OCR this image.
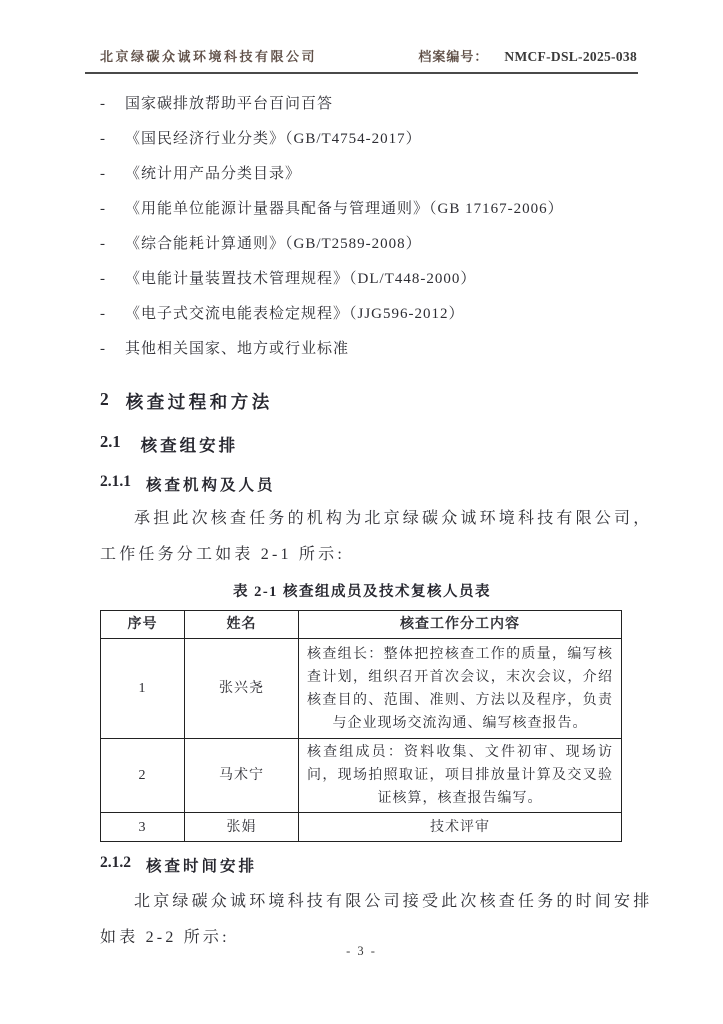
北京绿碳众诚环境科技有限公司	档案编号： NMCF-DSL-2025-038
-	国家碳排放帮助平台百问百答
-	《国民经济行业分类》（GB/T4754-2017）
-	《统计用产品分类目录》
-	《用能单位能源计量器具配备与管理通则》（GB 17167-2006）
-	《综合能耗计算通则》（GB/T2589-2008）
-	《电能计量装置技术管理规程》（DL/T448-2000）
-	《电子式交流电能表检定规程》（JJG596-2012）
-	其他相关国家、地方或行业标准
2 核查过程和方法
2.1 核查组安排
2.1.1 核查机构及人员

承担此次核查任务的机构为北京绿碳众诚环境科技有限公司，

工作任务分工如表 2-1 所示:

表 2-1 核查组成员及技术复核人员表
序号	姓名	核查工作分工内容
1	张兴尧	核查组长：整体把控核查工作的质量，编写核查计划，组织召开首次会议，末次会议，介绍核查目的、范围、准则、方法以及程序，负责与企业现场交流沟通、编写核查报告。
2	马术宁	核查组成员：资料收集、文件初审、现场访问，现场拍照取证，项目排放量计算及交叉验证核算，核查报告编写。
3	张娟	技术评审
2.1.2 核查时间安排

北京绿碳众诚环境科技有限公司接受此次核查任务的时间安排

如表 2-2 所示:

- 3 -
